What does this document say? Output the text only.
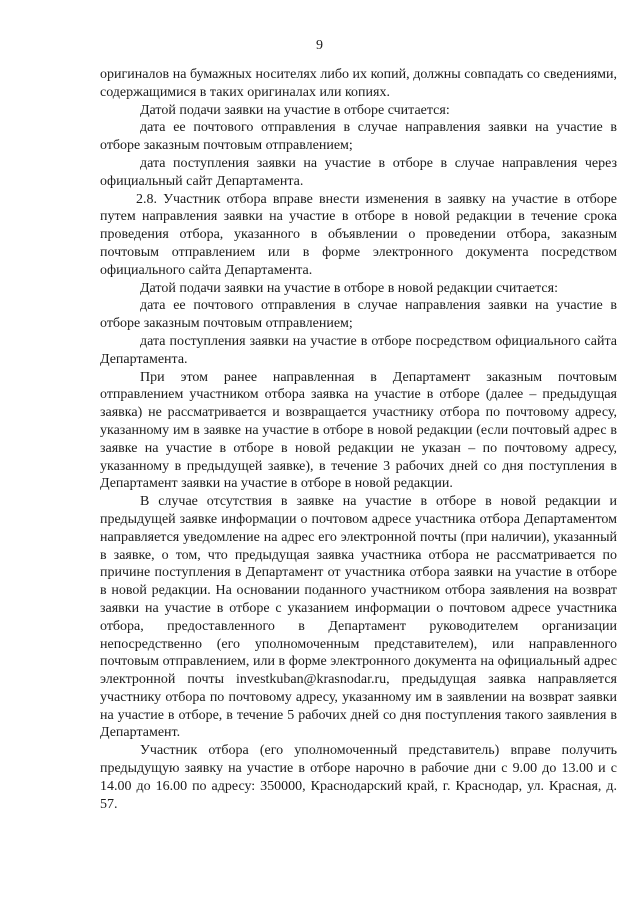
9

оригиналов на бумажных носителях либо их копий, должны совпадать со сведениями, содержащимися в таких оригиналах или копиях.

Датой подачи заявки на участие в отборе считается:

дата ее почтового отправления в случае направления заявки на участие в отборе заказным почтовым отправлением;

дата поступления заявки на участие в отборе в случае направления через официальный сайт Департамента.

2.8. Участник отбора вправе внести изменения в заявку на участие в отборе путем направления заявки на участие в отборе в новой редакции в течение срока проведения отбора, указанного в объявлении о проведении отбора, заказным почтовым отправлением или в форме электронного документа посредством официального сайта Департамента.

Датой подачи заявки на участие в отборе в новой редакции считается:

дата ее почтового отправления в случае направления заявки на участие в отборе заказным почтовым отправлением;

дата поступления заявки на участие в отборе посредством официального сайта Департамента.

При этом ранее направленная в Департамент заказным почтовым отправлением участником отбора заявка на участие в отборе (далее – предыдущая заявка) не рассматривается и возвращается участнику отбора по почтовому адресу, указанному им в заявке на участие в отборе в новой редакции (если почтовый адрес в заявке на участие в отборе в новой редакции не указан – по почтовому адресу, указанному в предыдущей заявке), в течение 3 рабочих дней со дня поступления в Департамент заявки на участие в отборе в новой редакции.

В случае отсутствия в заявке на участие в отборе в новой редакции и предыдущей заявке информации о почтовом адресе участника отбора Департаментом направляется уведомление на адрес его электронной почты (при наличии), указанный в заявке, о том, что предыдущая заявка участника отбора не рассматривается по причине поступления в Департамент от участника отбора заявки на участие в отборе в новой редакции. На основании поданного участником отбора заявления на возврат заявки на участие в отборе с указанием информации о почтовом адресе участника отбора, предоставленного в Департамент руководителем организации непосредственно (его уполномоченным представителем), или направленного почтовым отправлением, или в форме электронного документа на официальный адрес электронной почты investkuban@krasnodar.ru, предыдущая заявка направляется участнику отбора по почтовому адресу, указанному им в заявлении на возврат заявки на участие в отборе, в течение 5 рабочих дней со дня поступления такого заявления в Департамент.

Участник отбора (его уполномоченный представитель) вправе получить предыдущую заявку на участие в отборе нарочно в рабочие дни с 9.00 до 13.00 и с 14.00 до 16.00 по адресу: 350000, Краснодарский край, г. Краснодар, ул. Красная, д. 57.
